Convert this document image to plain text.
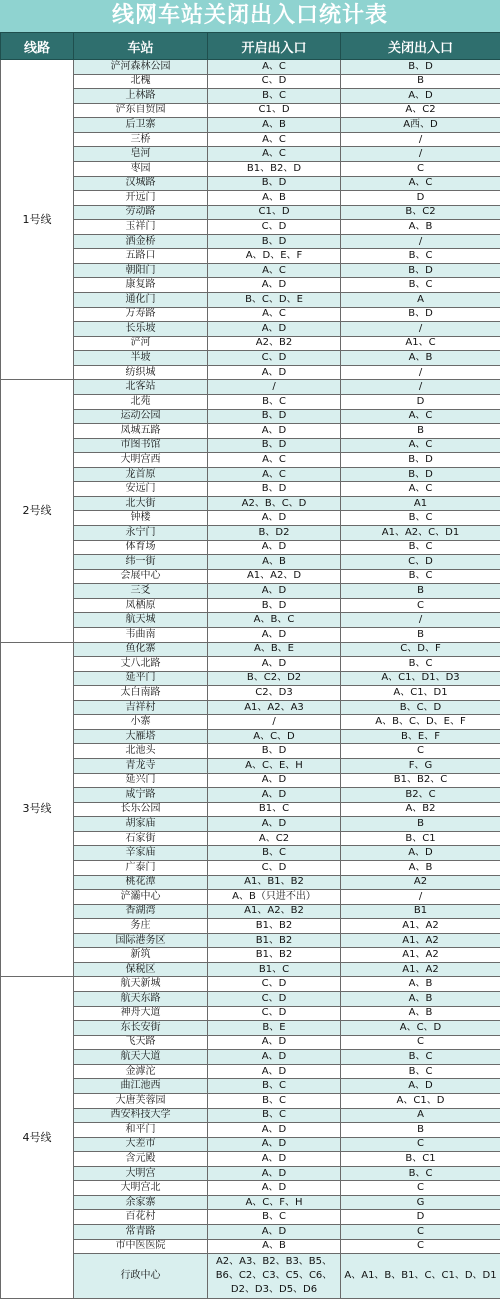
线网车站关闭出入口统计表
线路	车站	开启出入口	关闭出入口
1号线	浐河森林公园	A、C	B、D
	北槐	C、D	B
	上林路	B、C	A、D
	浐东自贸园	C1、D	A、C2
	后卫寨	A、B	A西、D
	三桥	A、C	/
	皂河	A、C	/
	枣园	B1、B2、D	C
	汉城路	B、D	A、C
	开远门	A、B	D
	劳动路	C1、D	B、C2
	玉祥门	C、D	A、B
	洒金桥	B、D	/
	五路口	A、D、E、F	B、C
	朝阳门	A、C	B、D
	康复路	A、D	B、C
	通化门	B、C、D、E	A
	万寿路	A、C	B、D
	长乐坡	A、D	/
	浐河	A2、B2	A1、C
	半坡	C、D	A、B
	纺织城	A、D	/
2号线	北客站	/	/
	北苑	B、C	D
	运动公园	B、D	A、C
	凤城五路	A、D	B
	市图书馆	B、D	A、C
	大明宫西	A、C	B、D
	龙首原	A、C	B、D
	安远门	B、D	A、C
	北大街	A2、B、C、D	A1
	钟楼	A、D	B、C
	永宁门	B、D2	A1、A2、C、D1
	体育场	A、D	B、C
	纬一街	A、B	C、D
	会展中心	A1、A2、D	B、C
	三爻	A、D	B
	凤栖原	B、D	C
	航天城	A、B、C	/
	韦曲南	A、D	B
3号线	鱼化寨	A、B、E	C、D、F
	丈八北路	A、D	B、C
	延平门	B、C2、D2	A、C1、D1、D3
	太白南路	C2、D3	A、C1、D1
	吉祥村	A1、A2、A3	B、C、D
	小寨	/	A、B、C、D、E、F
	大雁塔	A、C、D	B、E、F
	北池头	B、D	C
	青龙寺	A、C、E、H	F、G
	延兴门	A、D	B1、B2、C
	咸宁路	A、D	B2、C
	长乐公园	B1、C	A、B2
	胡家庙	A、D	B
	石家街	A、C2	B、C1
	辛家庙	B、C	A、D
	广泰门	C、D	A、B
	桃花潭	A1、B1、B2	A2
	浐灞中心	A、B（只进不出）	/
	香湖湾	A1、A2、B2	B1
	务庄	B1、B2	A1、A2
	国际港务区	B1、B2	A1、A2
	新筑	B1、B2	A1、A2
	保税区	B1、C	A1、A2
4号线	航天新城	C、D	A、B
	航天东路	C、D	A、B
	神舟大道	C、D	A、B
	东长安街	B、E	A、C、D
	飞天路	A、D	C
	航天大道	A、D	B、C
	金滹沱	A、D	B、C
	曲江池西	B、C	A、D
	大唐芙蓉园	B、C	A、C1、D
	西安科技大学	B、C	A
	和平门	A、D	B
	大差市	A、D	C
	含元殿	A、D	B、C1
	大明宫	A、D	B、C
	大明宫北	A、D	C
	余家寨	A、C、F、H	G
	百花村	B、C	D
	常青路	A、D	C
	市中医医院	A、B	C
	行政中心	A2、A3、B2、B3、B5、B6、C2、C3、C5、C6、D2、D3、D5、D6	A、A1、B、B1、C、C1、D、D1
